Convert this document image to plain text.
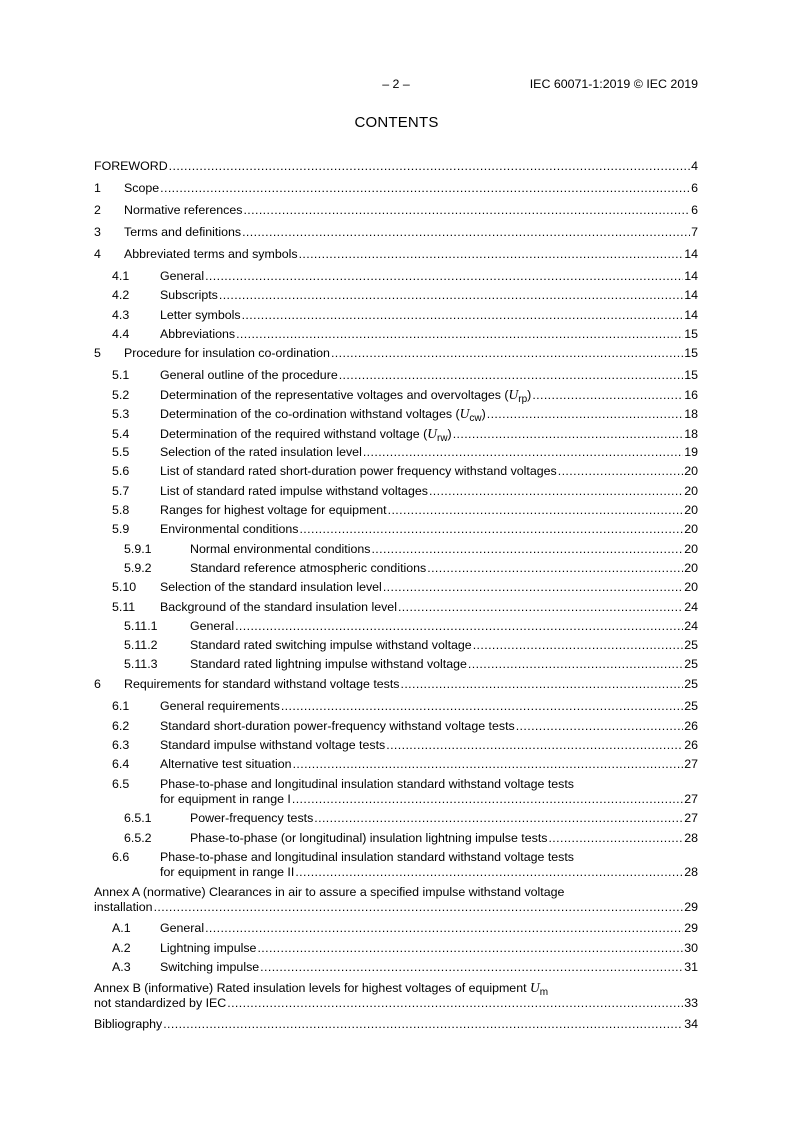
– 2 –	IEC 60071-1:2019 © IEC 2019
CONTENTS
FOREWORD .....	4
1	Scope .....	6
2	Normative references .....	6
3	Terms and definitions .....	7
4	Abbreviated terms and symbols .....	14
4.1	General .....	14
4.2	Subscripts .....	14
4.3	Letter symbols .....	14
4.4	Abbreviations .....	15
5	Procedure for insulation co-ordination .....	15
5.1	General outline of the procedure .....	15
5.2	Determination of the representative voltages and overvoltages $(U_{rp})$ .....	16
5.3	Determination of the co-ordination withstand voltages $(U_{cw})$ .....	18
5.4	Determination of the required withstand voltage $(U_{rw})$ .....	18
5.5	Selection of the rated insulation level .....	19
5.6	List of standard rated short-duration power frequency withstand voltages .....	20
5.7	List of standard rated impulse withstand voltages .....	20
5.8	Ranges for highest voltage for equipment .....	20
5.9	Environmental conditions .....	20
5.9.1	Normal environmental conditions .....	20
5.9.2	Standard reference atmospheric conditions .....	20
5.10	Selection of the standard insulation level .....	20
5.11	Background of the standard insulation level .....	24
5.11.1	General .....	24
5.11.2	Standard rated switching impulse withstand voltage .....	25
5.11.3	Standard rated lightning impulse withstand voltage .....	25
6	Requirements for standard withstand voltage tests .....	25
6.1	General requirements .....	25
6.2	Standard short-duration power-frequency withstand voltage tests .....	26
6.3	Standard impulse withstand voltage tests .....	26
6.4	Alternative test situation .....	27
6.5	Phase-to-phase and longitudinal insulation standard withstand voltage tests
for equipment in range I .....	27
6.5.1	Power-frequency tests .....	27
6.5.2	Phase-to-phase (or longitudinal) insulation lightning impulse tests .....	28
6.6	Phase-to-phase and longitudinal insulation standard withstand voltage tests
for equipment in range II .....	28
Annex A (normative) Clearances in air to assure a specified impulse withstand voltage
installation .....	29
A.1	General .....	29
A.2	Lightning impulse .....	30
A.3	Switching impulse .....	31
Annex B (informative) Rated insulation levels for highest voltages of equipment $U_m$
not standardized by IEC .....	33
Bibliography .....	34
